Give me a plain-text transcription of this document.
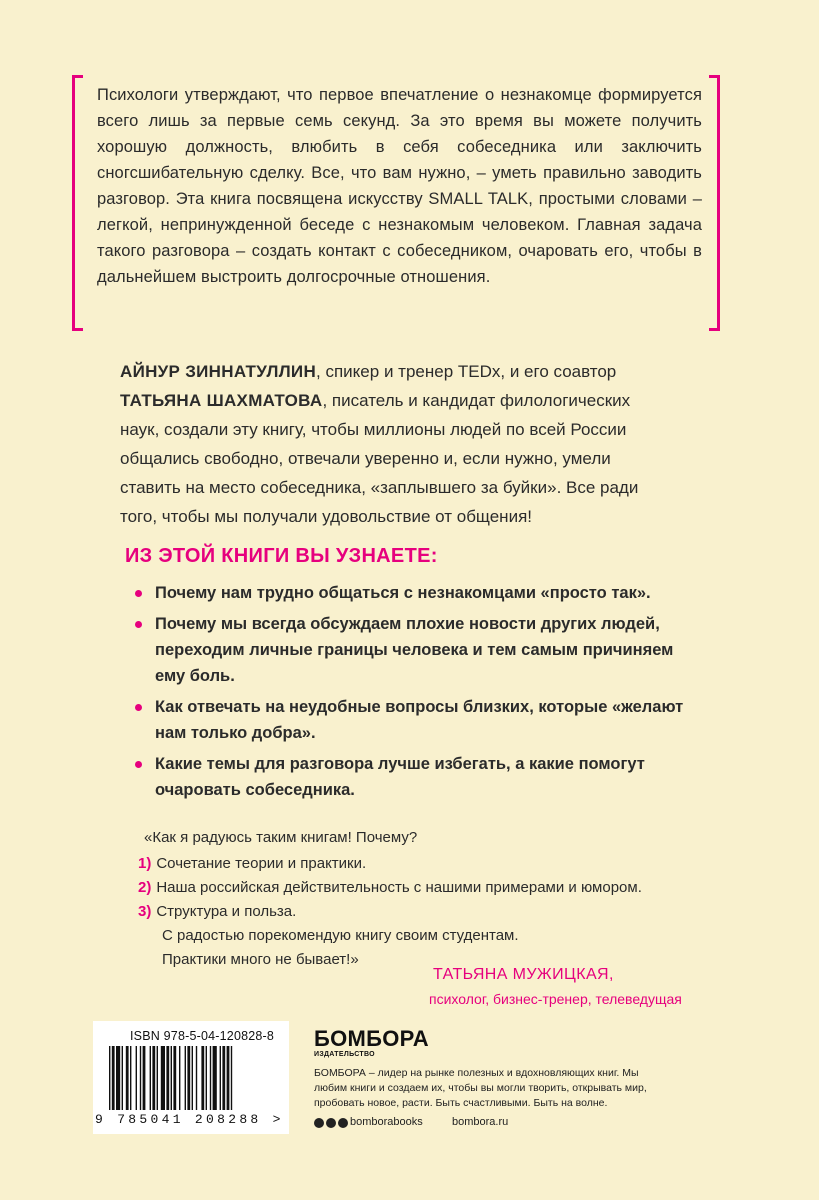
Психологи утверждают, что первое впечатление о незнакомце формируется всего лишь за первые семь секунд. За это время вы можете получить хорошую должность, влюбить в себя собеседника или заключить сногсшибательную сделку. Все, что вам нужно, – уметь правильно заводить разговор. Эта книга посвящена искусству SMALL TALK, простыми словами – легкой, непринужденной беседе с незнакомым человеком. Главная задача такого разговора – создать контакт с собеседником, очаровать его, чтобы в дальнейшем выстроить долгосрочные отношения.
АЙНУР ЗИННАТУЛЛИН, спикер и тренер TEDx, и его соавтор
ТАТЬЯНА ШАХМАТОВА, писатель и кандидат филологических наук, создали эту книгу, чтобы миллионы людей по всей России общались свободно, отвечали уверенно и, если нужно, умели ставить на место собеседника, «заплывшего за буйки». Все ради того, чтобы мы получали удовольствие от общения!
ИЗ ЭТОЙ КНИГИ ВЫ УЗНАЕТЕ:
Почему нам трудно общаться с незнакомцами «просто так».
Почему мы всегда обсуждаем плохие новости других людей, переходим личные границы человека и тем самым причиняем ему боль.
Как отвечать на неудобные вопросы близких, которые «желают нам только добра».
Какие темы для разговора лучше избегать, а какие помогут очаровать собеседника.
«Как я радуюсь таким книгам! Почему?
1) Сочетание теории и практики.
2) Наша российская действительность с нашими примерами и юмором.
3) Структура и польза.
С радостью порекомендую книгу своим студентам.
Практики много не бывает!»
ТАТЬЯНА МУЖИЦКАЯ,
психолог, бизнес-тренер, телеведущая
ISBN 978-5-04-120828-8
9 785041 208288 >
БОМБОРА
ИЗДАТЕЛЬСТВО
БОМБОРА – лидер на рынке полезных и вдохновляющих книг. Мы любим книги и создаем их, чтобы вы могли творить, открывать мир, пробовать новое, расти. Быть счастливыми. Быть на волне.
bomborabooks	bombora.ru
